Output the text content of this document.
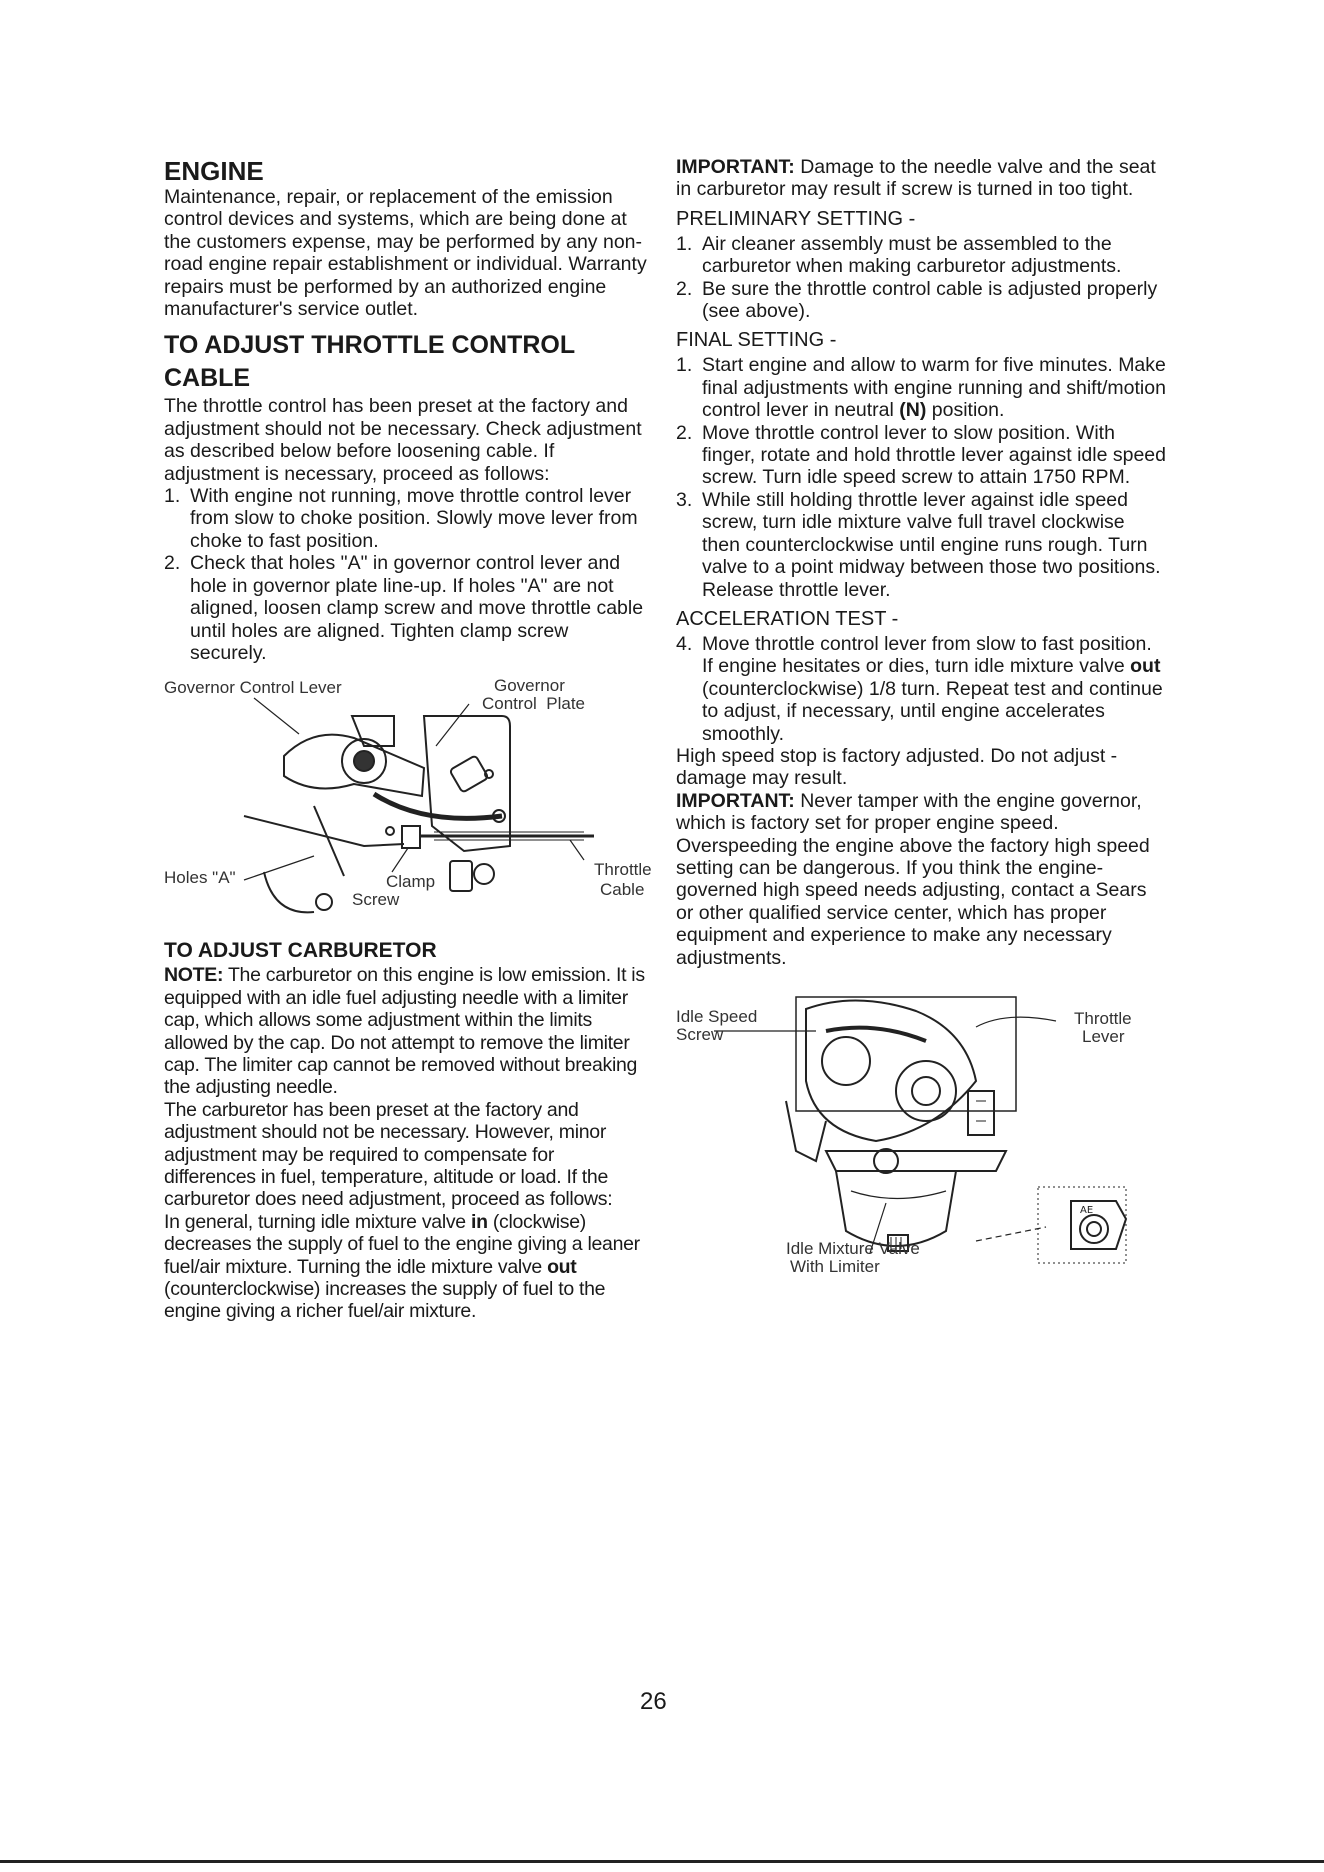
ENGINE

Maintenance, repair, or replacement of the emission control devices and systems, which are being done at the customers expense, may be performed by any non-road engine repair establishment or individual. Warranty repairs must be performed by an authorized engine manufacturer's service outlet.

TO ADJUST THROTTLE CONTROL
CABLE

The throttle control has been preset at the factory and adjustment should not be necessary. Check adjustment as described below before loosening cable. If adjustment is necessary, proceed as follows:

1. With engine not running, move throttle control lever from slow to choke position. Slowly move lever from choke to fast position.
2. Check that holes "A" in governor control lever and hole in governor plate line-up. If holes "A" are not aligned, loosen clamp screw and move throttle cable until holes are aligned. Tighten clamp screw securely.
Governor Control Lever	Governor
Control  Plate
Holes "A"	Clamp
Screw
Throttle
Cable
TO ADJUST CARBURETOR

NOTE: The carburetor on this engine is low emission. It is equipped with an idle fuel adjusting needle with a limiter cap, which allows some adjustment within the limits allowed by the cap. Do not attempt to remove the limiter cap. The limiter cap cannot be removed without breaking the adjusting needle.

The carburetor has been preset at the factory and adjustment should not be necessary. However, minor adjustment may be required to compensate for differences in fuel, temperature, altitude or load. If the carburetor does need adjustment, proceed as follows:

In general, turning idle mixture valve in (clockwise) decreases the supply of fuel to the engine giving a leaner fuel/air mixture. Turning the idle mixture valve out (counterclockwise) increases the supply of fuel to the engine giving a richer fuel/air mixture.

IMPORTANT: Damage to the needle valve and the seat in carburetor may result if screw is turned in too tight.

PRELIMINARY SETTING -
1. Air cleaner assembly must be assembled to the carburetor when making carburetor adjustments.
2. Be sure the throttle control cable is adjusted properly (see above).
FINAL SETTING -
1. Start engine and allow to warm for five minutes. Make final adjustments with engine running and shift/motion control lever in neutral (N) position.
2. Move throttle control lever to slow position. With finger, rotate and hold throttle lever against idle speed screw. Turn idle speed screw to attain 1750 RPM.
3. While still holding throttle lever against idle speed screw, turn idle mixture valve full travel clockwise then counterclockwise until engine runs rough. Turn valve to a point midway between those two positions. Release throttle lever.
ACCELERATION TEST -
4. Move throttle control lever from slow to fast position. If engine hesitates or dies, turn idle mixture valve out (counterclockwise) 1/8 turn. Repeat test and continue to adjust, if necessary, until engine accelerates smoothly.

High speed stop is factory adjusted. Do not adjust - damage may result.

IMPORTANT: Never tamper with the engine governor, which is factory set for proper engine speed. Overspeeding the engine above the factory high speed setting can be dangerous. If you think the engine-governed high speed needs adjusting, contact a Sears or other qualified service center, which has proper equipment and experience to make any necessary adjustments.

AE
Idle Speed
Screw
Throttle
Lever
Idle Mixture Valve
With Limiter
26
